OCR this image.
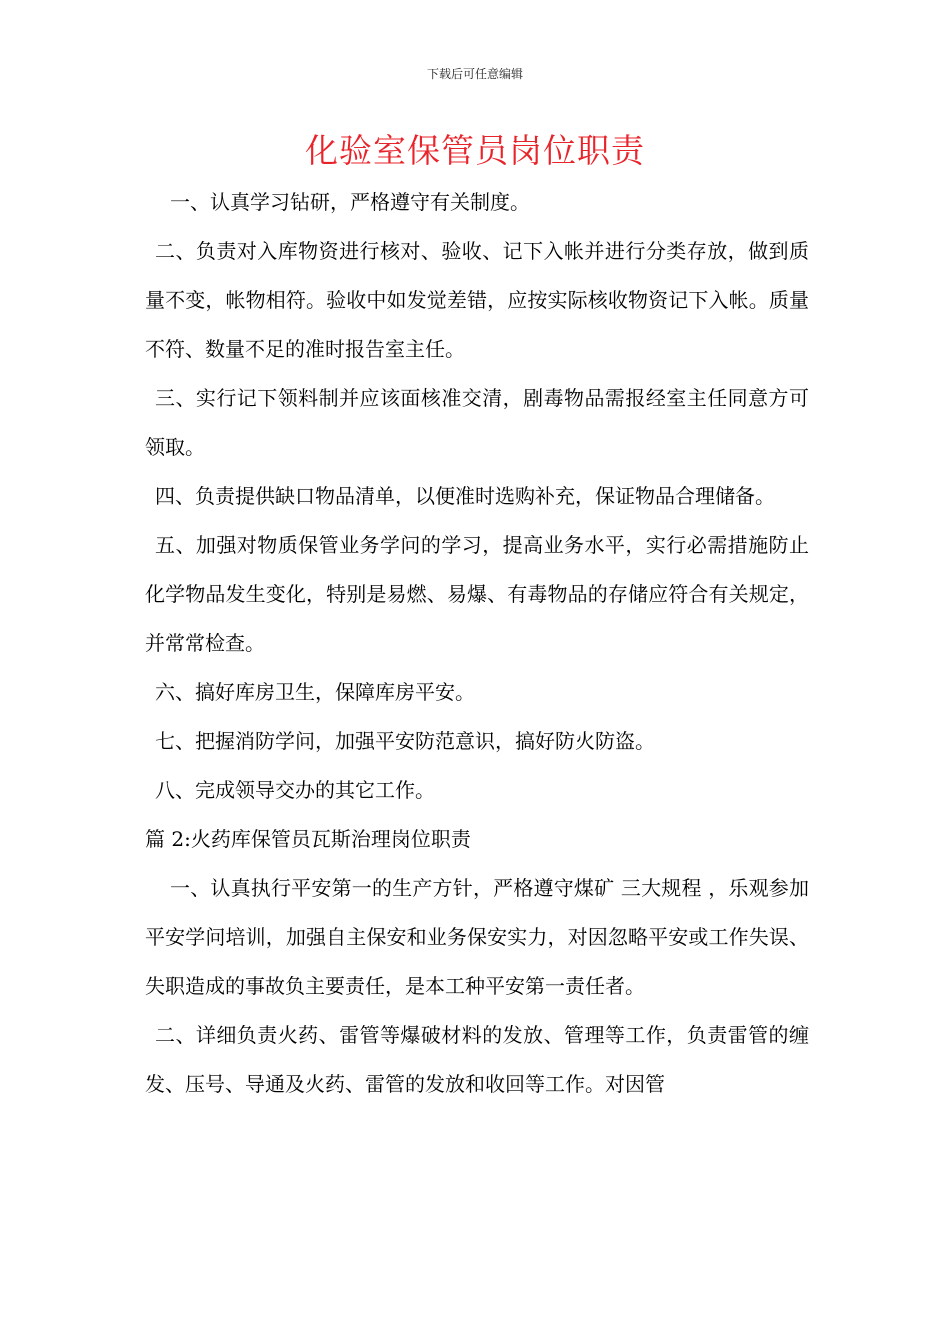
下载后可任意编辑
化验室保管员岗位职责

一、认真学习钻研，严格遵守有关制度。

二、负责对入库物资进行核对、验收、记下入帐并进行分类存放，做到质量不变，帐物相符。验收中如发觉差错，应按实际核收物资记下入帐。质量不符、数量不足的准时报告室主任。

三、实行记下领料制并应该面核准交清，剧毒物品需报经室主任同意方可领取。

四、负责提供缺口物品清单，以便准时选购补充，保证物品合理储备。

五、加强对物质保管业务学问的学习，提高业务水平，实行必需措施防止化学物品发生变化，特别是易燃、易爆、有毒物品的存储应符合有关规定，并常常检查。

六、搞好库房卫生，保障库房平安。

七、把握消防学问，加强平安防范意识，搞好防火防盗。

八、完成领导交办的其它工作。

篇 2:火药库保管员瓦斯治理岗位职责

一、认真执行平安第一的生产方针，严格遵守煤矿 三大规程 ，乐观参加平安学问培训，加强自主保安和业务保安实力，对因忽略平安或工作失误、失职造成的事故负主要责任，是本工种平安第一责任者。

二、详细负责火药、雷管等爆破材料的发放、管理等工作，负责雷管的缠发、压号、导通及火药、雷管的发放和收回等工作。对因管
